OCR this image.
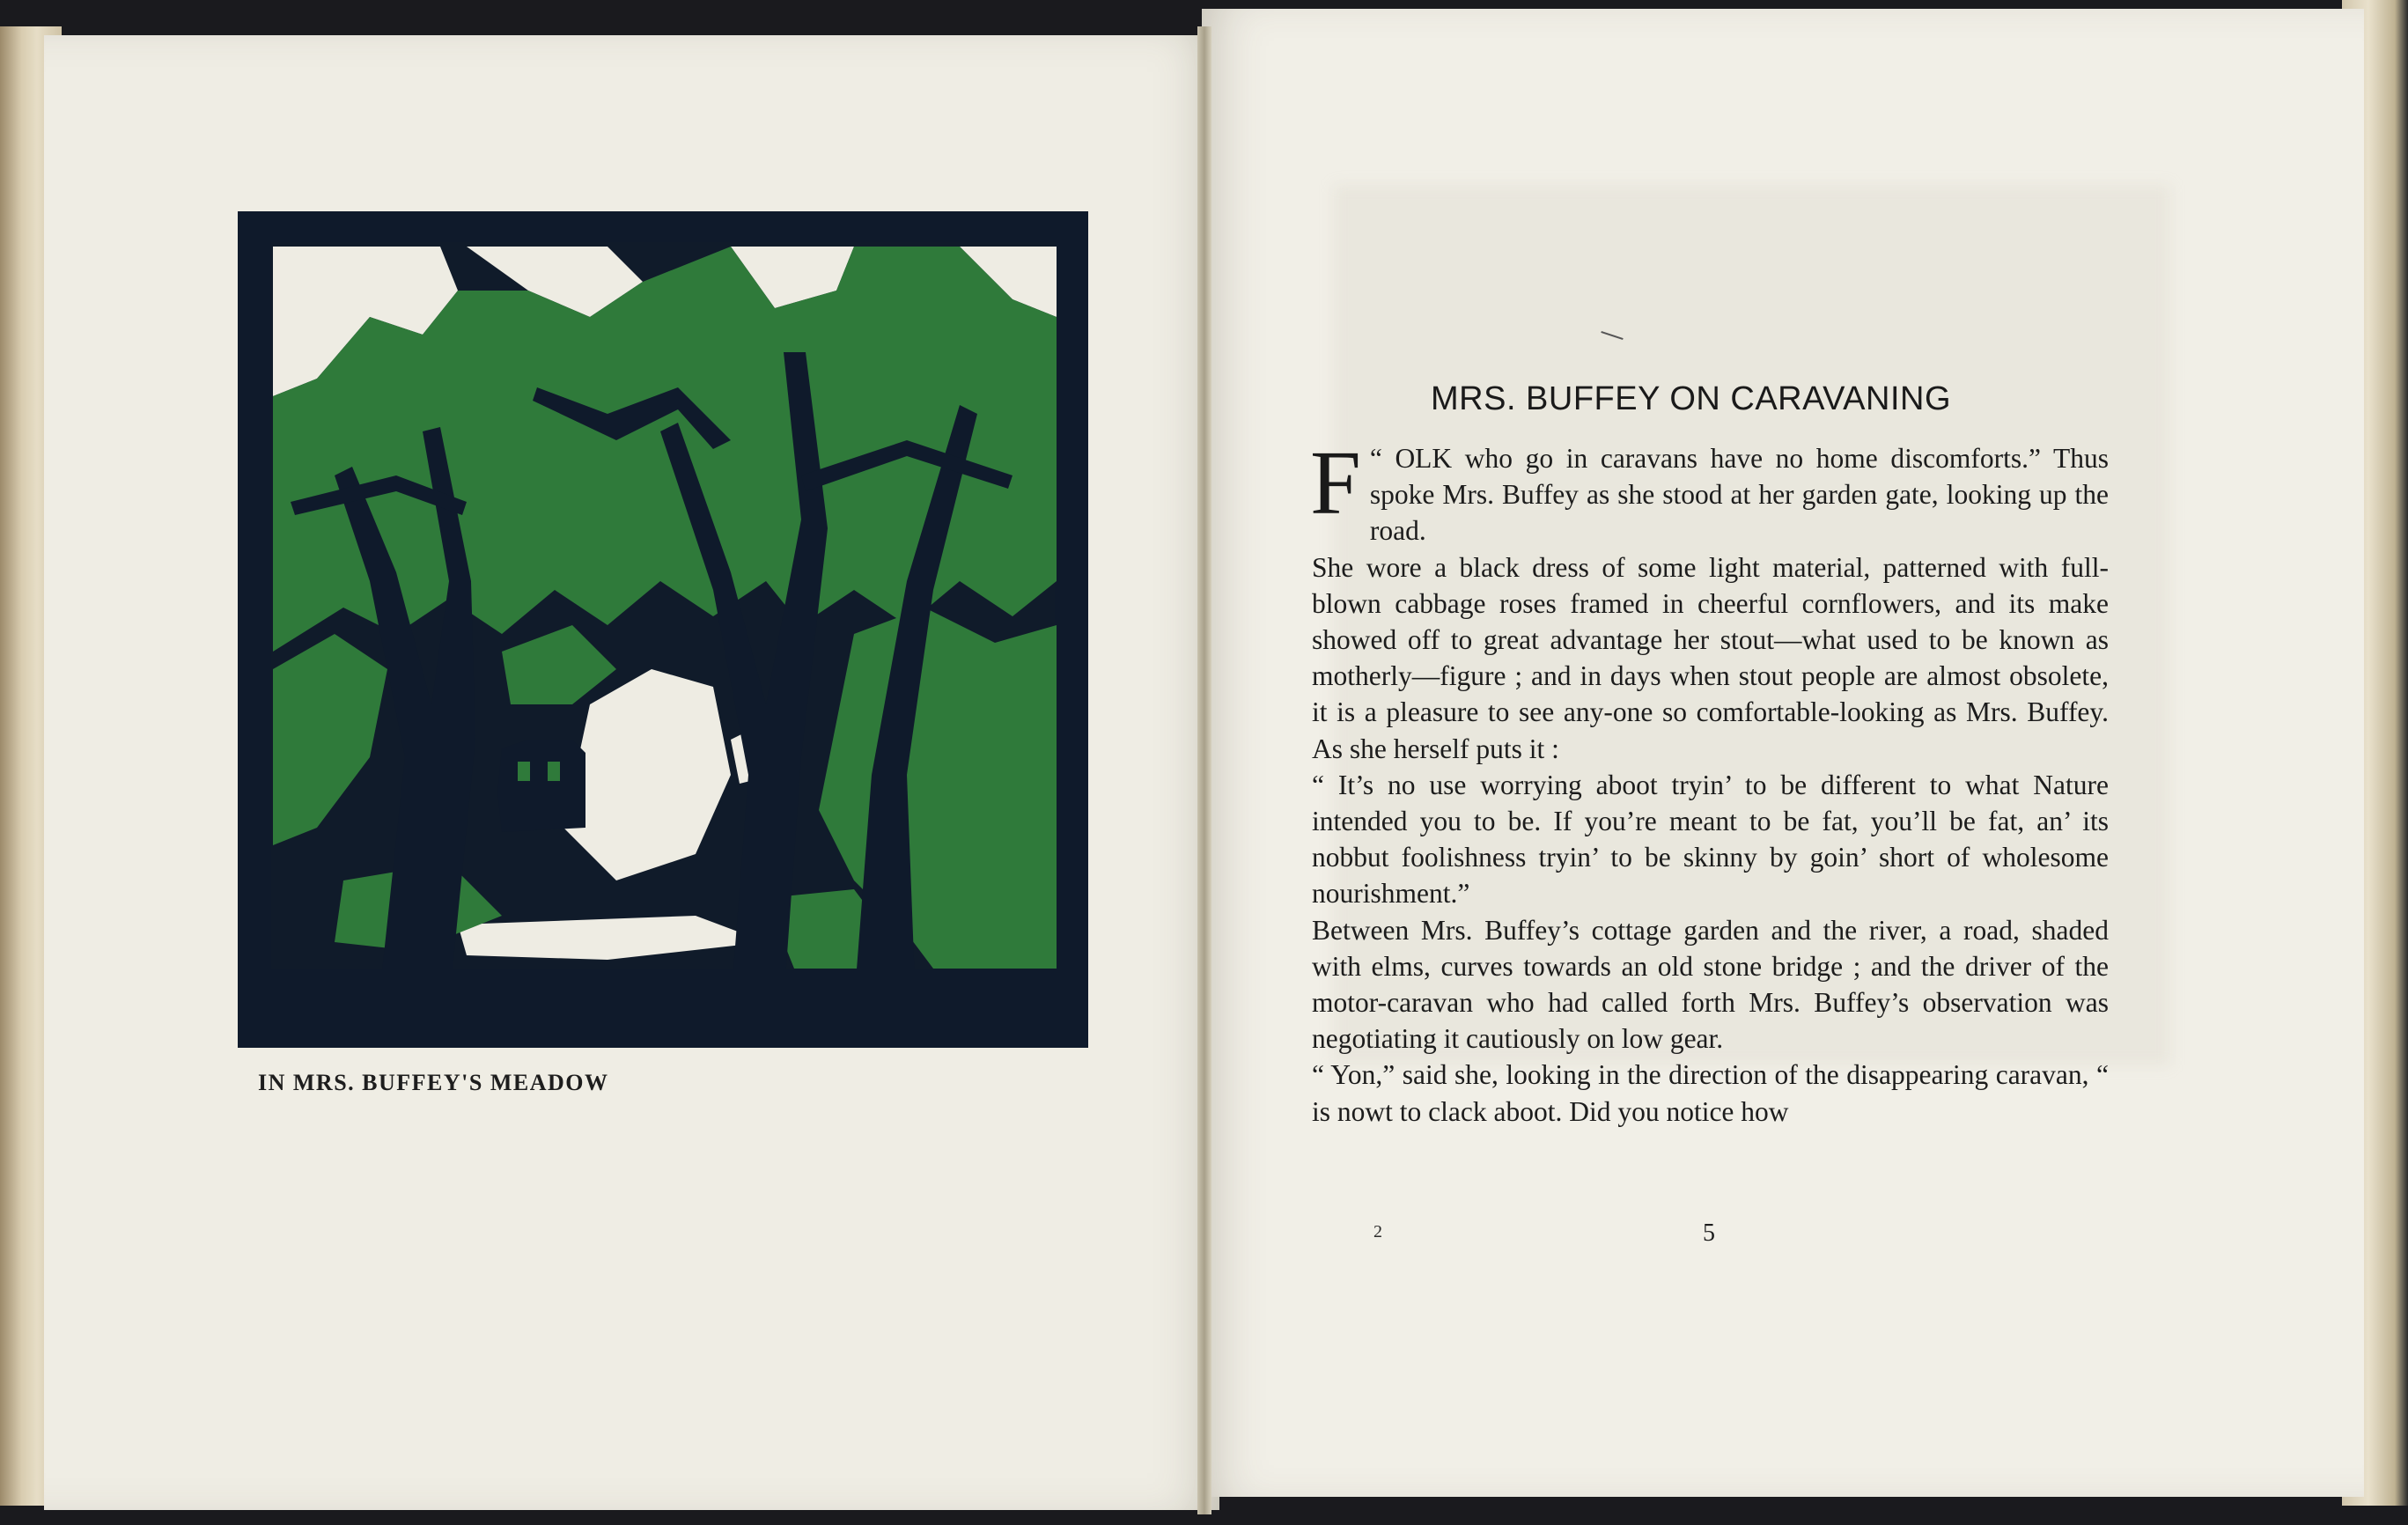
IN MRS. BUFFEY'S MEADOW
2
MRS. BUFFEY ON CARAVANING

“
F OLK who go in caravans have no home discomforts.” Thus spoke Mrs. Buffey as she stood at her garden gate, looking up the road.

She wore a black dress of some light material, patterned with full-blown cabbage roses framed in cheerful cornflowers, and its make showed off to great advantage her stout—what used to be known as motherly—figure ; and in days when stout people are almost obsolete, it is a pleasure to see any-one so comfortable-looking as Mrs. Buffey. As she herself puts it :

“ It’s no use worrying aboot tryin’ to be different to what Nature intended you to be. If you’re meant to be fat, you’ll be fat, an’ its nobbut foolishness tryin’ to be skinny by goin’ short of wholesome nourishment.”

Between Mrs. Buffey’s cottage garden and the river, a road, shaded with elms, curves towards an old stone bridge ; and the driver of the motor-caravan who had called forth Mrs. Buffey’s observation was negotiating it cautiously on low gear.

“ Yon,” said she, looking in the direction of the disappearing caravan, “ is nowt to clack aboot. Did you notice how

5
